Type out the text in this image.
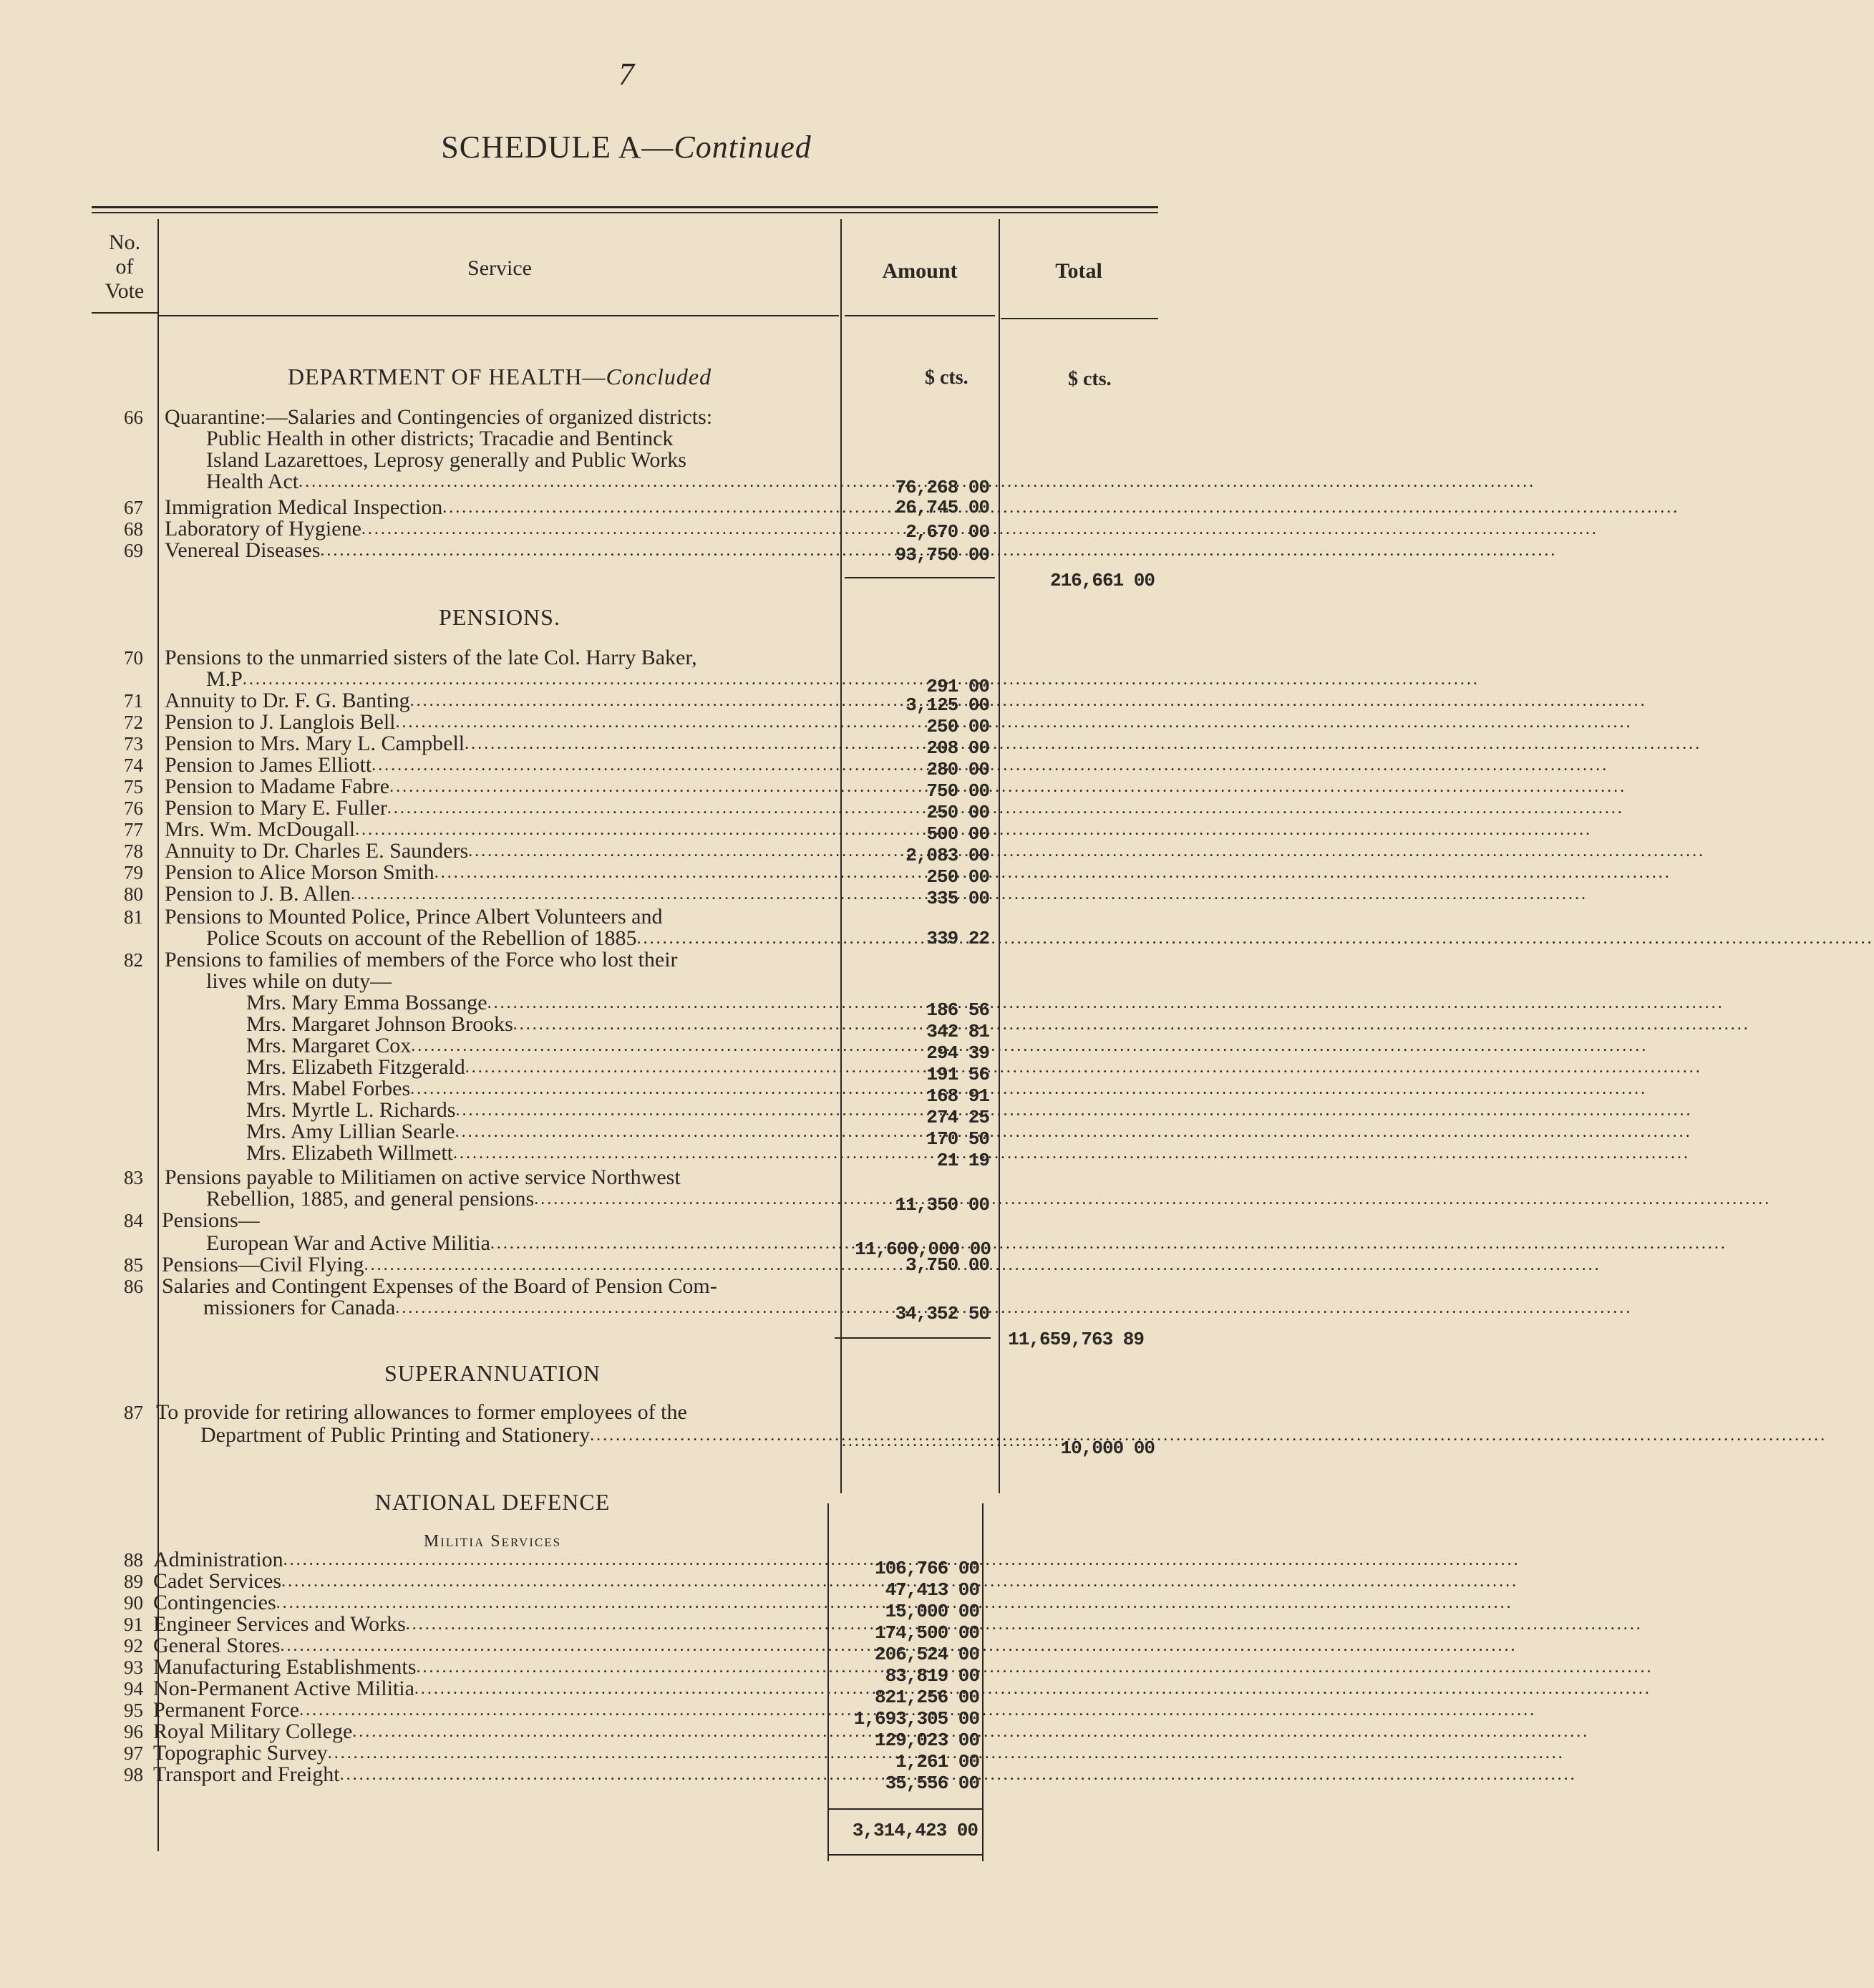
7
SCHEDULE A—Continued
No.
of
Vote
Service	Amount	Total
DEPARTMENT OF HEALTH—Concluded	$ cts.	$ cts.
66 Quarantine:—Salaries and Contingencies of organized districts:
Public Health in other districts; Tracadie and Bentinck
Island Lazarettoes, Leprosy generally and Public Works
Health Act .....	76,268 00
67 Immigration Medical Inspection .....	26,745 00
68 Laboratory of Hygiene .....	2,670 00
69 Venereal Diseases .....	93,750 00
216,661 00
PENSIONS.
70 Pensions to the unmarried sisters of the late Col. Harry Baker,
M.P .....	291 00
71 Annuity to Dr. F. G. Banting .....	3,125 00
72 Pension to J. Langlois Bell .....	250 00
73 Pension to Mrs. Mary L. Campbell .....	208 00
74 Pension to James Elliott .....	280 00
75 Pension to Madame Fabre .....	750 00
76 Pension to Mary E. Fuller .....	250 00
77 Mrs. Wm. McDougall .....	500 00
78 Annuity to Dr. Charles E. Saunders .....	2,083 00
79 Pension to Alice Morson Smith .....	250 00
80 Pension to J. B. Allen .....	335 00
81 Pensions to Mounted Police, Prince Albert Volunteers and
Police Scouts on account of the Rebellion of 1885 .....	339 22
82 Pensions to families of members of the Force who lost their
lives while on duty—
Mrs. Mary Emma Bossange .....	186 56
Mrs. Margaret Johnson Brooks .....	342 81
Mrs. Margaret Cox .....	294 39
Mrs. Elizabeth Fitzgerald .....	191 56
Mrs. Mabel Forbes .....	168 91
Mrs. Myrtle L. Richards .....	274 25
Mrs. Amy Lillian Searle .....	170 50
Mrs. Elizabeth Willmett .....	21 19
83 Pensions payable to Militiamen on active service Northwest
Rebellion, 1885, and general pensions .....	11,350 00
84 Pensions—
European War and Active Militia .....	11,600,000 00
85 Pensions—Civil Flying .....	3,750 00
86 Salaries and Contingent Expenses of the Board of Pension Com-
missioners for Canada .....	34,352 50
11,659,763 89
SUPERANNUATION
87 To provide for retiring allowances to former employees of the
Department of Public Printing and Stationery .....	...................................
10,000 00
NATIONAL DEFENCE
Militia Services
88 Administration .....	106,766 00
89 Cadet Services .....	47,413 00
90 Contingencies .....	15,000 00
91 Engineer Services and Works .....	174,500 00
92 General Stores .....	206,524 00
93 Manufacturing Establishments .....	83,819 00
94 Non-Permanent Active Militia .....	821,256 00
95 Permanent Force .....	1,693,305 00
96 Royal Military College .....	129,023 00
97 Topographic Survey .....	1,261 00
98 Transport and Freight .....	35,556 00
3,314,423 00
